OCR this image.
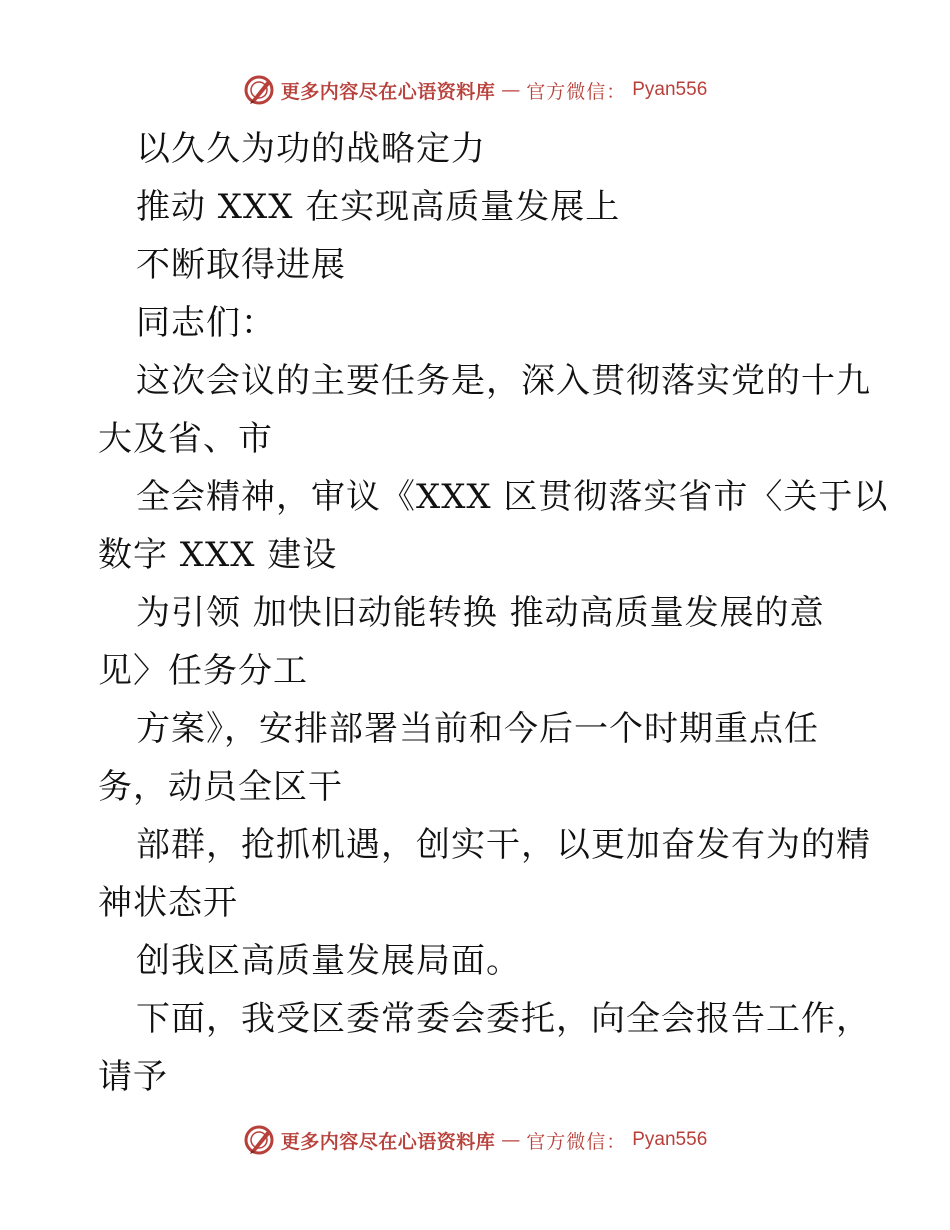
更多内容尽在心语资料库 — 官方微信： Pyan556
以久久为功的战略定力
推动 XXX 在实现高质量发展上
不断取得进展
同志们：
这次会议的主要任务是，深入贯彻落实党的十九
大及省、市
全会精神，审议《XXX 区贯彻落实省市〈关于以
数字 XXX 建设
为引领 加快旧动能转换 推动高质量发展的意
见〉任务分工
方案》，安排部署当前和今后一个时期重点任
务，动员全区干
部群，抢抓机遇，创实干，以更加奋发有为的精
神状态开
创我区高质量发展局面。
下面，我受区委常委会委托，向全会报告工作，
请予
更多内容尽在心语资料库 — 官方微信： Pyan556
